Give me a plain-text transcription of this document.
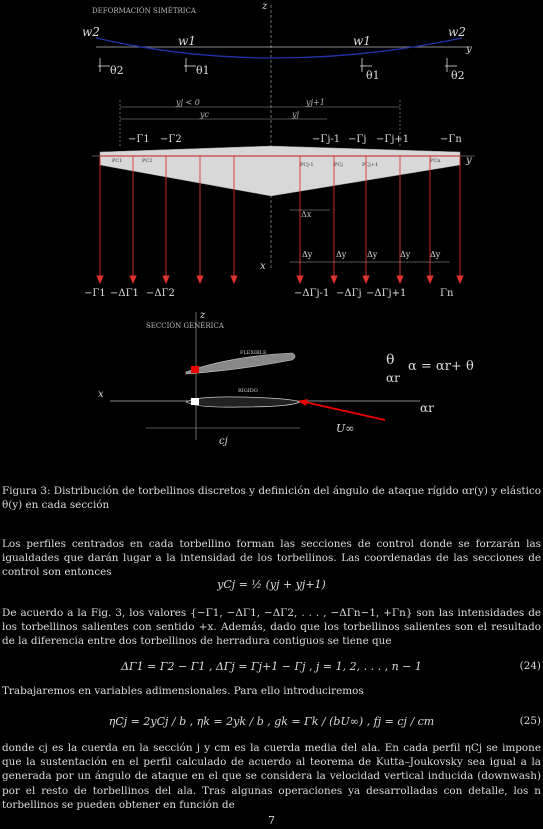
DEFORMACIÓN SIMÉTRICA	z
y
w2
w1	w1
w2
θ2	θ1	θ1	θ2
yj < 0	yj+1
yc	yj
−Γ1 −Γ2	−Γj-1 −Γj −Γj+1	−Γn
y
PC1	PC2
PCj-1	PCj	PCj+1
PCn
Δx
x
Δy	Δy	Δy	Δy Δy
−Γ1 −ΔΓ1 −ΔΓ2	−ΔΓj-1 −ΔΓj −ΔΓj+1	Γn
SECCIÓN GENÉRICA
z
FLEXIBLE
x	RÍGIDO
U∞
θ
αr
α = αr+ θ
αr
cj
Figura 3: Distribución de torbellinos discretos y definición del ángulo de ataque rígido αr(y) y elástico θ(y) en cada sección
Los perfiles centrados en cada torbellino forman las secciones de control donde se forzarán las igualdades que darán lugar a la intensidad de los torbellinos. Las coordenadas de las secciones de control son entonces
yCj = ½ (yj + yj+1)
De acuerdo a la Fig. 3, los valores {−Γ1, −ΔΓ1, −ΔΓ2, . . . , −ΔΓn−1, +Γn} son las intensidades de los torbellinos salientes con sentido +x. Además, dado que los torbellinos salientes son el resultado de la diferencia entre dos torbellinos de herradura contiguos se tiene que
ΔΓ1 = Γ2 − Γ1 , ΔΓj = Γj+1 − Γj , j = 1, 2, . . . , n − 1	(24)
Trabajaremos en variables adimensionales. Para ello introduciremos
ηCj = 2yCj / b , ηk = 2yk / b , gk = Γk / (bU∞) , fj = cj / cm	(25)
donde cj es la cuerda en la sección j y cm es la cuerda media del ala. En cada perfil ηCj se impone que la sustentación en el perfil calculado de acuerdo al teorema de Kutta–Joukovsky sea igual a la generada por un ángulo de ataque en el que se considera la velocidad vertical inducida (downwash) por el resto de torbellinos del ala. Tras algunas operaciones ya desarrolladas con detalle, los n torbellinos se pueden obtener en función de
7
